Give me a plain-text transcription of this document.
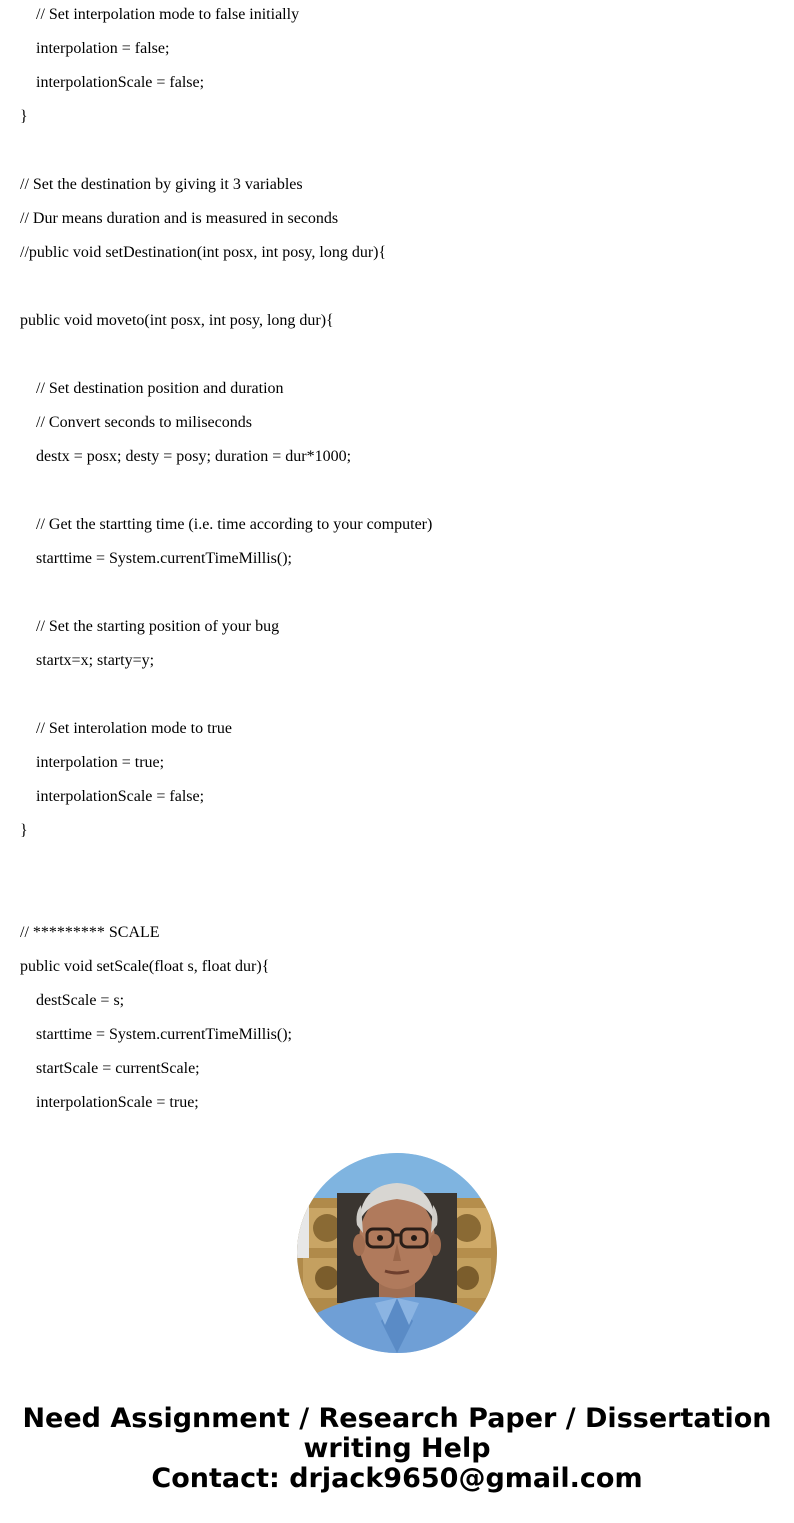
// Set interpolation mode to false initially
interpolation = false;
interpolationScale = false;
}
// Set the destination by giving it 3 variables
// Dur means duration and is measured in seconds
//public void setDestination(int posx, int posy, long dur){
public void moveto(int posx, int posy, long dur){
// Set destination position and duration
// Convert seconds to miliseconds
destx = posx; desty = posy; duration = dur*1000;
// Get the startting time (i.e. time according to your computer)
starttime = System.currentTimeMillis();
// Set the starting position of your bug
startx=x; starty=y;
// Set interolation mode to true
interpolation = true;
interpolationScale = false;
}
// ********* SCALE
public void setScale(float s, float dur){
destScale = s;
starttime = System.currentTimeMillis();
startScale = currentScale;
interpolationScale = true;
Need Assignment / Research Paper / Dissertation
writing Help
Contact: drjack9650@gmail.com
